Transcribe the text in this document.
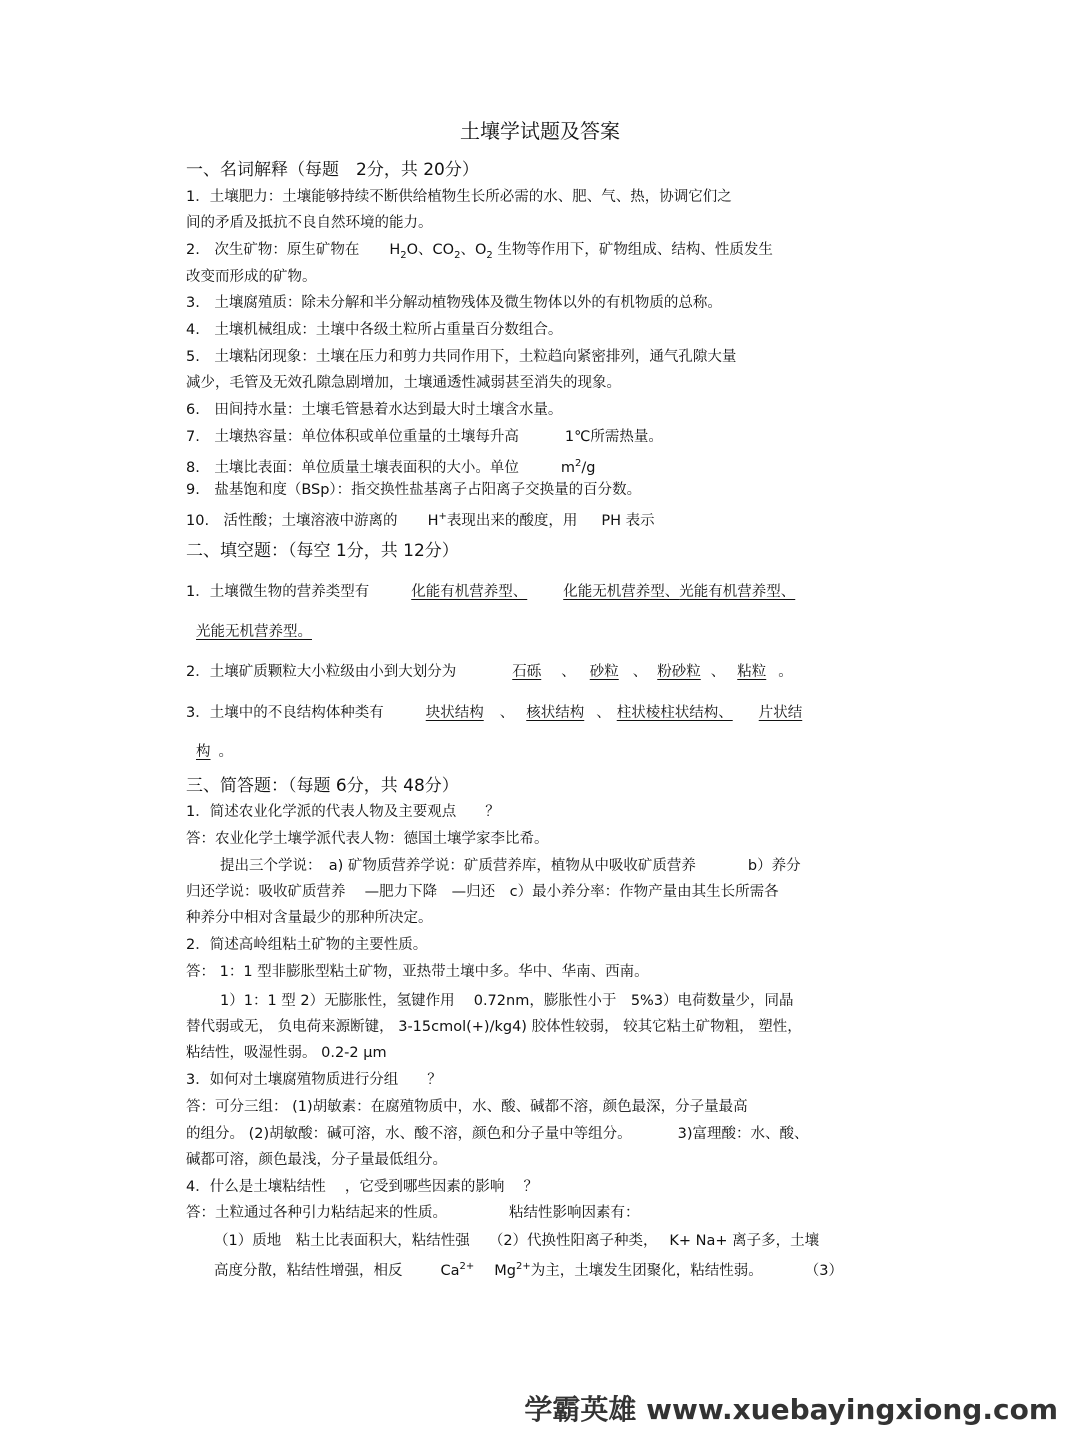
土壤学试题及答案
一、名词解释（每题　2分，共 20分）
1．土壤肥力：土壤能够持续不断供给植物生长所必需的水、肥、气、热，协调它们之
间的矛盾及抵抗不良自然环境的能力。
2.　次生矿物：原生矿物在 $H_2O$、$CO_2$、$O_2$ 生物等作用下，矿物组成、结构、性质发生
改变而形成的矿物。
3.　土壤腐殖质：除未分解和半分解动植物残体及微生物体以外的有机物质的总称。
4.　土壤机械组成：土壤中各级土粒所占重量百分数组合。
5.　土壤粘闭现象：土壤在压力和剪力共同作用下，土粒趋向紧密排列，通气孔隙大量
减少，毛管及无效孔隙急剧增加，土壤通透性减弱甚至消失的现象。
6.　田间持水量：土壤毛管悬着水达到最大时土壤含水量。
7.　土壤热容量：单位体积或单位重量的土壤每升高	1℃所需热量。
8.　土壤比表面：单位质量土壤表面积的大小。单位	$m^2/g$
9.　盐基饱和度（BSp）：指交换性盐基离子占阳离子交换量的百分数。
10.　活性酸；土壤溶液中游离的 H+表现出来的酸度，用 PH 表示
二、填空题：（每空 1分，共 12分）
1．土壤微生物的营养类型有	化能有机营养型、 化能无机营养型、光能有机营养型、
光能无机营养型。
2．土壤矿质颗粒大小粒级由小到大划分为	石砾 、 砂粒 、 粉砂粒 、 粘粒 。
3．土壤中的不良结构体种类有	块状结构 、 核状结构 、 柱状棱柱状结构、 片状结
构 。
三、简答题：（每题 6分，共 48分）
1．简述农业化学派的代表人物及主要观点　　？
答：农业化学土壤学派代表人物：德国土壤学家李比希。
提出三个学说：　a) 矿物质营养学说：矿质营养库，植物从中吸收矿质营养	b）养分
归还学说：吸收矿质营养　 —肥力下降　—归还　c）最小养分率：作物产量由其生长所需各
种养分中相对含量最少的那种所决定。
2．简述高岭组粘土矿物的主要性质。
答： 1：1 型非膨胀型粘土矿物，亚热带土壤中多。华中、华南、西南。
1）1：1 型 2）无膨胀性，氢键作用　 0.72nm，膨胀性小于　5%3）电荷数量少，同晶
替代弱或无， 负电荷来源断键， 3-15cmol(+)/kg4) 胶体性较弱， 较其它粘土矿物粗， 塑性，
粘结性，吸湿性弱。 0.2-2 μm
3．如何对土壤腐殖物质进行分组　　？
答：可分三组： (1)胡敏素：在腐殖物质中，水、酸、碱都不溶，颜色最深，分子量最高
的组分。 (2)胡敏酸：碱可溶，水、酸不溶，颜色和分子量中等组分。	3)富理酸：水、酸、
碱都可溶，颜色最浅，分子量最低组分。
4．什么是土壤粘结性　 ，它受到哪些因素的影响　 ？
答：土粒通过各种引力粘结起来的性质。	粘结性影响因素有：
（1）质地　粘土比表面积大，粘结性强　 （2）代换性阳离子种类，　 K+ Na+ 离子多，土壤
高度分散，粘结性增强，相反	$Ca^{2+}$ $Mg^{2+}$为主，土壤发生团聚化，粘结性弱。	（3）
学霸英雄 www.xuebayingxiong.com
